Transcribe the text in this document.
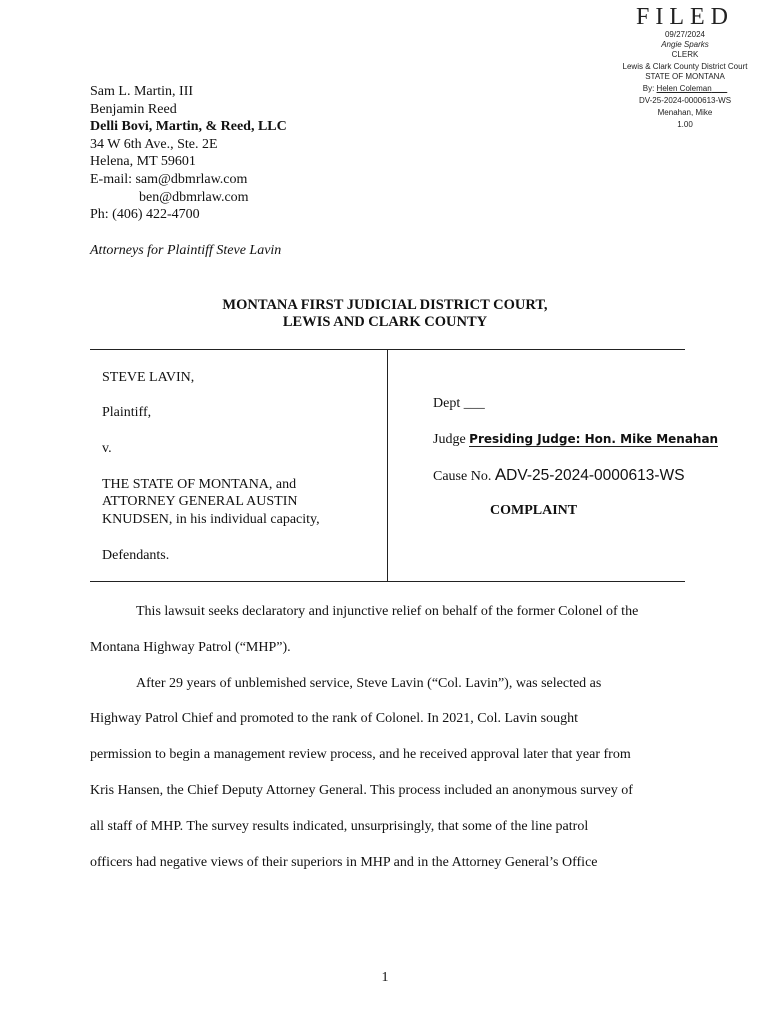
FILED
09/27/2024
Angie Sparks
CLERK
Lewis & Clark County District Court
STATE OF MONTANA
By: Helen Coleman
DV-25-2024-0000613-WS
Menahan, Mike
1.00
Sam L. Martin, III
Benjamin Reed
Delli Bovi, Martin, & Reed, LLC
34 W 6th Ave., Ste. 2E
Helena, MT 59601
E-mail: sam@dbmrlaw.com
ben@dbmrlaw.com
Ph: (406) 422-4700
Attorneys for Plaintiff Steve Lavin
MONTANA FIRST JUDICIAL DISTRICT COURT,
LEWIS AND CLARK COUNTY

STEVE LAVIN,

Plaintiff,

v.

THE STATE OF MONTANA, and

ATTORNEY GENERAL AUSTIN

KNUDSEN, in his individual capacity,

Defendants.

Dept ___
Judge Presiding Judge: Hon. Mike Menahan
Cause No. ADV-25-2024-0000613-WS
COMPLAINT
This lawsuit seeks declaratory and injunctive relief on behalf of the former Colonel of the
Montana Highway Patrol (“MHP”).
After 29 years of unblemished service, Steve Lavin (“Col. Lavin”), was selected as
Highway Patrol Chief and promoted to the rank of Colonel. In 2021, Col. Lavin sought
permission to begin a management review process, and he received approval later that year from
Kris Hansen, the Chief Deputy Attorney General. This process included an anonymous survey of
all staff of MHP. The survey results indicated, unsurprisingly, that some of the line patrol
officers had negative views of their superiors in MHP and in the Attorney General’s Office
1
